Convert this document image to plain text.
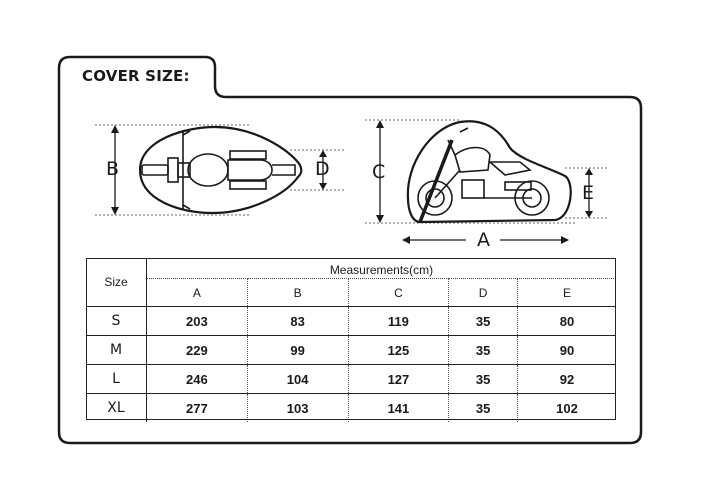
COVER SIZE:
B	D C
E
A
Size	Measurements(cm)				
	A	B	C	D	E
S	203	83	119	35	80
M	229	99	125	35	90
L	246	104	127	35	92
XL	277	103	141	35	102
